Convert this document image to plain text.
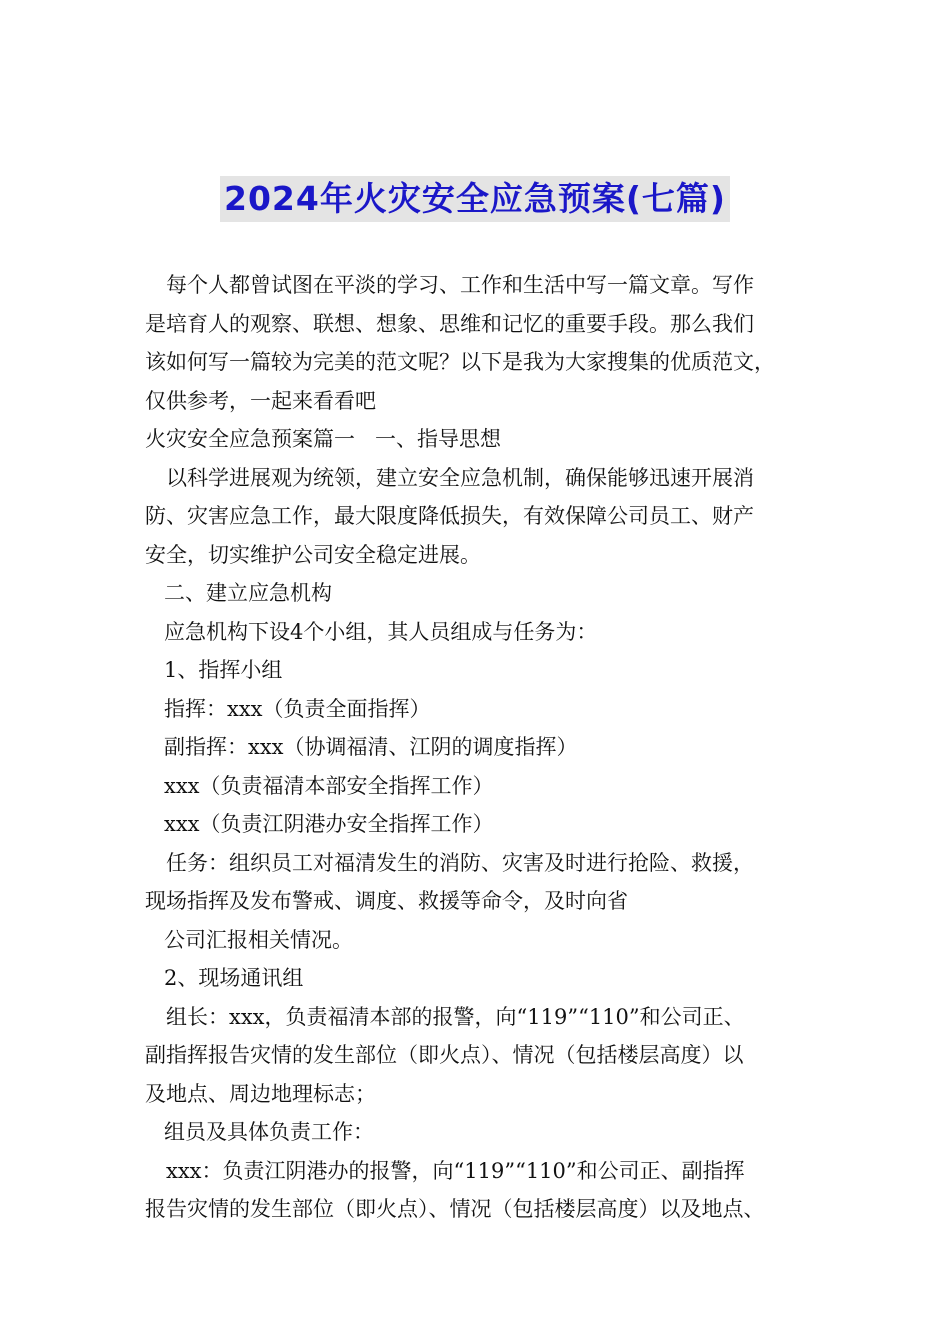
2024年火灾安全应急预案(七篇)

每个人都曾试图在平淡的学习、工作和生活中写一篇文章。写作

是培育人的观察、联想、想象、思维和记忆的重要手段。那么我们

该如何写一篇较为完美的范文呢？以下是我为大家搜集的优质范文，

仅供参考，一起来看看吧

火灾安全应急预案篇一   一、指导思想

以科学进展观为统领，建立安全应急机制，确保能够迅速开展消

防、灾害应急工作，最大限度降低损失，有效保障公司员工、财产

安全，切实维护公司安全稳定进展。

二、建立应急机构

应急机构下设4个小组，其人员组成与任务为：

1、指挥小组

指挥：xxx（负责全面指挥）

副指挥：xxx（协调福清、江阴的调度指挥）

xxx（负责福清本部安全指挥工作）

xxx（负责江阴港办安全指挥工作）

任务：组织员工对福清发生的消防、灾害及时进行抢险、救援，

现场指挥及发布警戒、调度、救援等命令，及时向省

公司汇报相关情况。

2、现场通讯组

组长：xxx，负责福清本部的报警，向“119”“110”和公司正、

副指挥报告灾情的发生部位（即火点）、情况（包括楼层高度）以

及地点、周边地理标志；

组员及具体负责工作：

xxx：负责江阴港办的报警，向“119”“110”和公司正、副指挥

报告灾情的发生部位（即火点）、情况（包括楼层高度）以及地点、
